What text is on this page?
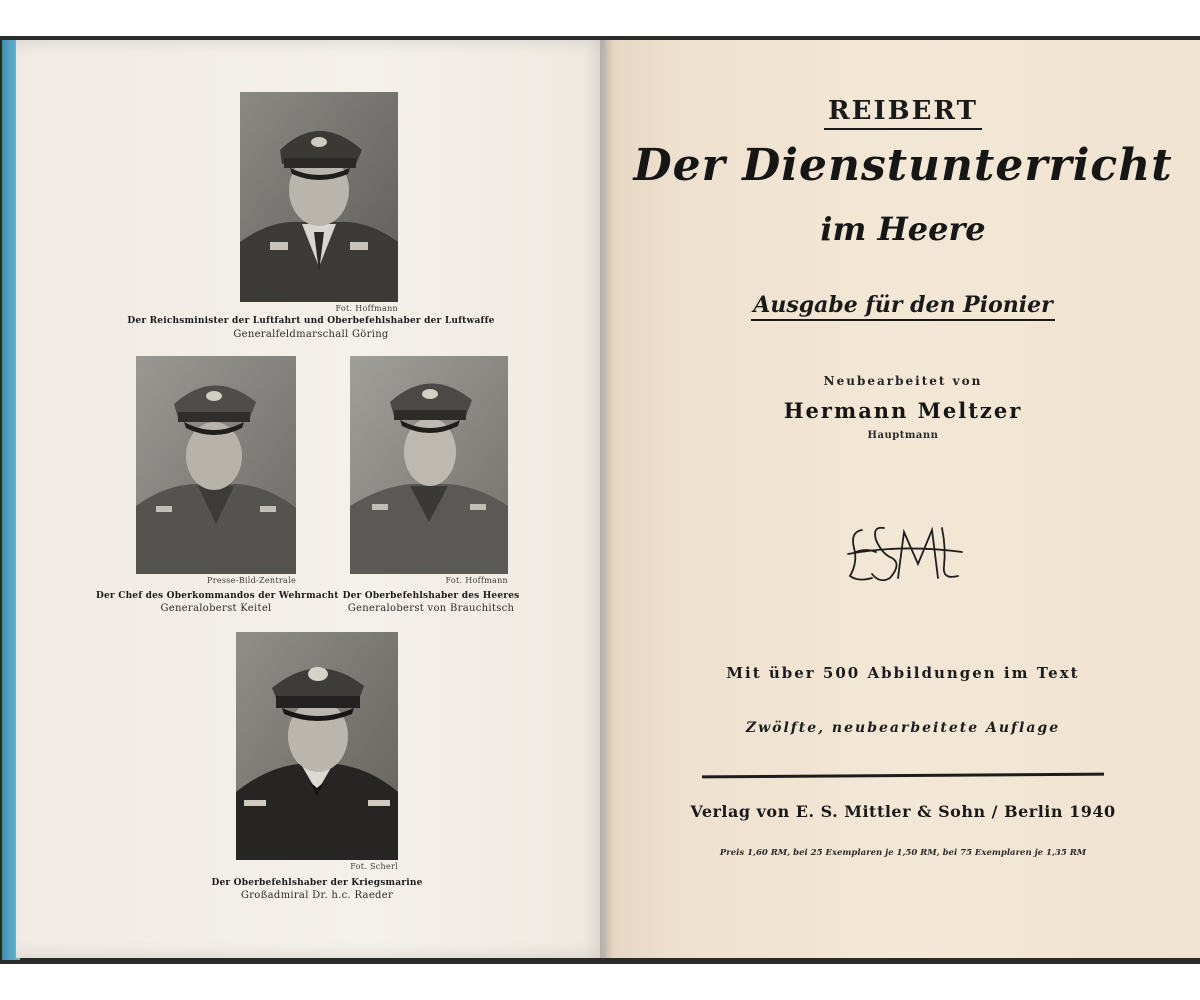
Fot. Hoffmann
Der Reichsminister der Luftfahrt und Oberbefehlshaber der Luftwaffe
Generalfeldmarschall Göring
Presse-Bild-Zentrale
Der Chef des Oberkommandos der Wehrmacht
Generaloberst Keitel
Fot. Hoffmann
Der Oberbefehlshaber des Heeres
Generaloberst von Brauchitsch
Fot. Scherl
Der Oberbefehlshaber der Kriegsmarine
Großadmiral Dr. h.c. Raeder
REIBERT
Der Dienstunterricht
im Heere
Ausgabe für den Pionier
Neubearbeitet von
Hermann Meltzer
Hauptmann
Mit über 500 Abbildungen im Text
Zwölfte, neubearbeitete Auflage
Verlag von E. S. Mittler & Sohn / Berlin 1940
Preis 1,60 RM, bei 25 Exemplaren je 1,50 RM, bei 75 Exemplaren je 1,35 RM
